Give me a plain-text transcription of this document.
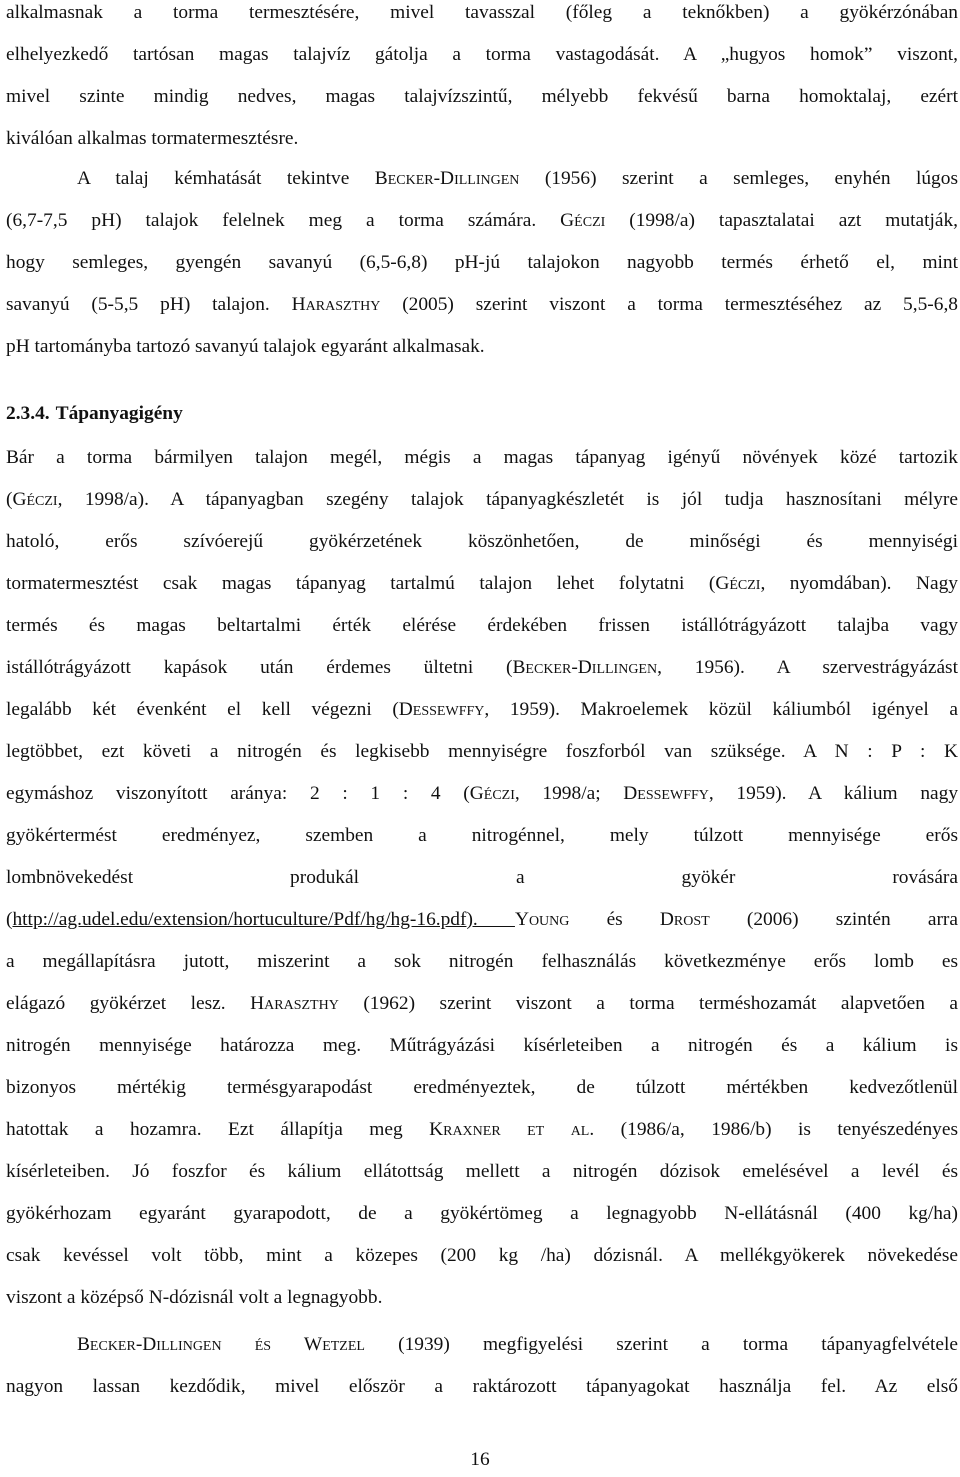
alkalmasnak a torma termesztésére, mivel tavasszal (főleg a teknőkben) a gyökérzónában
elhelyezkedő tartósan magas talajvíz gátolja a torma vastagodását. A „hugyos homok” viszont,
mivel szinte mindig nedves, magas talajvízszintű, mélyebb fekvésű barna homoktalaj, ezért
kiválóan alkalmas tormatermesztésre.
A talaj kémhatását tekintve Becker-Dillingen (1956) szerint a semleges, enyhén lúgos
(6,7-7,5 pH) talajok felelnek meg a torma számára. Géczi (1998/a) tapasztalatai azt mutatják,
hogy semleges, gyengén savanyú (6,5-6,8) pH-jú talajokon nagyobb termés érhető el, mint
savanyú (5-5,5 pH) talajon. Haraszthy (2005) szerint viszont a torma termesztéséhez az 5,5-6,8
pH tartományba tartozó savanyú talajok egyaránt alkalmasak.
2.3.4. Tápanyagigény
Bár a torma bármilyen talajon megél, mégis a magas tápanyag igényű növények közé tartozik
(Géczi, 1998/a). A tápanyagban szegény talajok tápanyagkészletét is jól tudja hasznosítani mélyre
hatoló, erős szívóerejű gyökérzetének köszönhetően, de minőségi és mennyiségi
tormatermesztést csak magas tápanyag tartalmú talajon lehet folytatni (Géczi, nyomdában). Nagy
termés és magas beltartalmi érték elérése érdekében frissen istállótrágyázott talajba vagy
istállótrágyázott kapások után érdemes ültetni (Becker-Dillingen, 1956). A szervestrágyázást
legalább két évenként el kell végezni (Dessewffy, 1959). Makroelemek közül káliumból igényel a
legtöbbet, ezt követi a nitrogén és legkisebb mennyiségre foszforból van szüksége. A N : P : K
egymáshoz viszonyított aránya: 2 : 1 : 4 (Géczi, 1998/a; Dessewffy, 1959). A kálium nagy
gyökértermést eredményez, szemben a nitrogénnel, mely túlzott mennyisége erős
lombnövekedést produkál a gyökér rovására
(http://ag.udel.edu/extension/hortuculture/Pdf/hg/hg-16.pdf). Young és Drost (2006) szintén arra
a megállapításra jutott, miszerint a sok nitrogén felhasználás következménye erős lomb es
elágazó gyökérzet lesz. Haraszthy (1962) szerint viszont a torma terméshozamát alapvetően a
nitrogén mennyisége határozza meg. Műtrágyázási kísérleteiben a nitrogén és a kálium is
bizonyos mértékig termésgyarapodást eredményeztek, de túlzott mértékben kedvezőtlenül
hatottak a hozamra. Ezt állapítja meg Kraxner et al. (1986/a, 1986/b) is tenyészedényes
kísérleteiben. Jó foszfor és kálium ellátottság mellett a nitrogén dózisok emelésével a levél és
gyökérhozam egyaránt gyarapodott, de a gyökértömeg a legnagyobb N-ellátásnál (400 kg/ha)
csak kevéssel volt több, mint a közepes (200 kg /ha) dózisnál. A mellékgyökerek növekedése
viszont a középső N-dózisnál volt a legnagyobb.
Becker-Dillingen és Wetzel (1939) megfigyelési szerint a torma tápanyagfelvétele
nagyon lassan kezdődik, mivel először a raktározott tápanyagokat használja fel. Az első
16
